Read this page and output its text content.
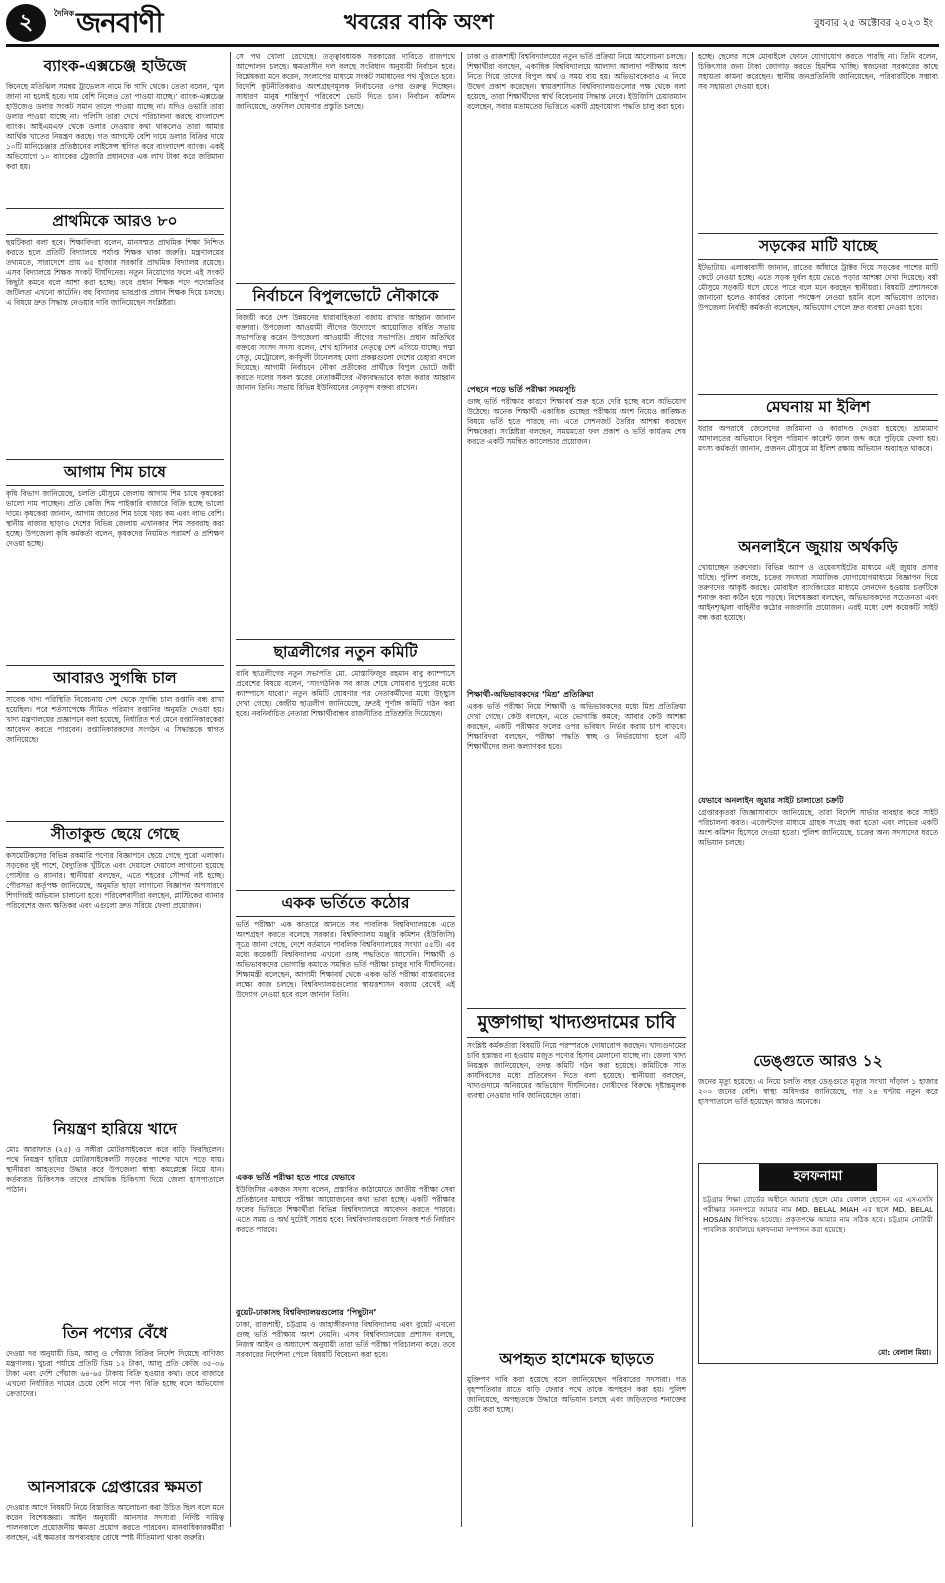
২	দৈনিক জনবাণী	খবরের বাকি অংশ	বুধবার ২৫ অক্টোবর ২০২৩ ইং
ব্যাংক-এক্সচেঞ্জ হাউজে
কিনেছে মতিঝিল সমন্বয় ট্রাভেলস নামে কি গাদি থেকে। তেতা বলেন, ‘মূল জানা না হলেই হবে। দাম বেশি নিলেও তো পাওয়া যাচ্ছে।’ ব্যাংক-এক্সচেঞ্জ হাউজেও ডলার সংকট সমান তালে পাওয়া যাচ্ছে না। যদিও ওভারি তারা ডলার পাওয়া যাচ্ছে না। পলিসি তারা দেখে পরিচালনা করছে বাংলাদেশ ব্যাংক। আইএমএফ থেকে ডলার নেওয়ার কথা থাকলেও তারা আমার আর্থিক খাতের নিয়ন্ত্রণ করছে। গত আগস্টে বেশি দামে ডলার বিক্রির দায়ে ১০টি মানিচেঞ্জার প্রতিষ্ঠানের লাইসেন্স স্থগিত করে বাংলাদেশ ব্যাংক। একই অভিযোগে ১০ ব্যাংকের ট্রেজারি প্রধানদের এক লাখ টাকা করে জরিমানা করা হয়।
প্রাথমিকে আরও ৮০
ছয়টিকরা বলা হবে। শিক্ষাবিদরা বলেন, মানসম্মত প্রাথমিক শিক্ষা নিশ্চিত করতে হলে প্রতিটি বিদ্যালয়ে পর্যাপ্ত শিক্ষক থাকা জরুরি। মন্ত্রণালয়ের তথ্যমতে, সারাদেশে প্রায় ৬৫ হাজার সরকারি প্রাথমিক বিদ্যালয় রয়েছে। এসব বিদ্যালয়ে শিক্ষক সংকট দীর্ঘদিনের। নতুন নিয়োগের ফলে এই সংকট কিছুটা কমবে বলে আশা করা হচ্ছে। তবে প্রধান শিক্ষক পদে পদোন্নতির জটিলতা এখনো কাটেনি। বহু বিদ্যালয় ভারপ্রাপ্ত প্রধান শিক্ষক দিয়ে চলছে। এ বিষয়ে দ্রুত সিদ্ধান্ত নেওয়ার দাবি জানিয়েছেন সংশ্লিষ্টরা।
আগাম শিম চাষে
কৃষি বিভাগ জানিয়েছে, চলতি মৌসুমে জেলায় আগাম শিম চাষে কৃষকেরা ভালো দাম পাচ্ছেন। প্রতি কেজি শিম পাইকারি বাজারে বিক্রি হচ্ছে ভালো দামে। কৃষকেরা জানান, আগাম জাতের শিম চাষে খরচ কম এবং লাভ বেশি। স্থানীয় বাজার ছাড়াও দেশের বিভিন্ন জেলায় এখানকার শিম সরবরাহ করা হচ্ছে। উপজেলা কৃষি কর্মকর্তা বলেন, কৃষকদের নিয়মিত পরামর্শ ও প্রশিক্ষণ দেওয়া হচ্ছে।
আবারও সুগন্ধি চাল
সাবেক খাদ্য পরিস্থিতি বিবেচনায় দেশ থেকে সুগন্ধি চাল রপ্তানি বন্ধ রাখা হয়েছিল। পরে শর্তসাপেক্ষে সীমিত পরিমাণ রপ্তানির অনুমতি দেওয়া হয়। খাদ্য মন্ত্রণালয়ের প্রজ্ঞাপনে বলা হয়েছে, নির্ধারিত শর্ত মেনে রপ্তানিকারকেরা আবেদন করতে পারবেন। রপ্তানিকারকদের সংগঠন এ সিদ্ধান্তকে স্বাগত জানিয়েছে।
সীতাকুন্ড ছেয়ে গেছে
কসমেটিকসের বিভিন্ন রকমারি পণ্যের বিজ্ঞাপনে ছেয়ে গেছে পুরো এলাকা। সড়কের দুই পাশে, বৈদ্যুতিক খুঁটিতে এবং দেয়ালে দেয়ালে লাগানো হয়েছে পোস্টার ও ব্যানার। স্থানীয়রা বলছেন, এতে শহরের সৌন্দর্য নষ্ট হচ্ছে। পৌরসভা কর্তৃপক্ষ জানিয়েছে, অনুমতি ছাড়া লাগানো বিজ্ঞাপন অপসারণে শিগগিরই অভিযান চালানো হবে। পরিবেশবাদীরা বলছেন, প্লাস্টিকের ব্যানার পরিবেশের জন্য ক্ষতিকর এবং এগুলো দ্রুত সরিয়ে ফেলা প্রয়োজন।
নিয়ন্ত্রণ হারিয়ে খাদে
মোঃ আরাফাত (২৫) ও সঙ্গীরা মোটরসাইকেলে করে বাড়ি ফিরছিলেন। পথে নিয়ন্ত্রণ হারিয়ে মোটরসাইকেলটি সড়কের পাশের খাদে পড়ে যায়। স্থানীয়রা আহতদের উদ্ধার করে উপজেলা স্বাস্থ্য কমপ্লেক্সে নিয়ে যান। কর্তব্যরত চিকিৎসক তাদের প্রাথমিক চিকিৎসা দিয়ে জেলা হাসপাতালে পাঠান।
তিন পণ্যের বেঁধে
দেওয়া দর অনুযায়ী ডিম, আলু ও পেঁয়াজ বিক্রির নির্দেশ দিয়েছে বাণিজ্য মন্ত্রণালয়। খুচরা পর্যায়ে প্রতিটি ডিম ১২ টাকা, আলু প্রতি কেজি ৩৫-৩৬ টাকা এবং দেশি পেঁয়াজ ৬৪-৬৫ টাকায় বিক্রি হওয়ার কথা। তবে বাজারে এখনো নির্ধারিত দামের চেয়ে বেশি দামে পণ্য বিক্রি হচ্ছে বলে অভিযোগ ক্রেতাদের।
আনসারকে গ্রেপ্তারের ক্ষমতা
দেওয়ার আগে বিষয়টি নিয়ে বিস্তারিত আলোচনা করা উচিত ছিল বলে মনে করেন বিশেষজ্ঞরা। আইন অনুযায়ী আনসার সদস্যরা নির্দিষ্ট দায়িত্ব পালনকালে প্রয়োজনীয় ক্ষমতা প্রয়োগ করতে পারবেন। মানবাধিকারকর্মীরা বলছেন, এই ক্ষমতার অপব্যবহার রোধে স্পষ্ট নীতিমালা থাকা জরুরি।
সে পথ খোলা রেখেছে। তত্ত্বাবধায়ক সরকারের দাবিতে রাজপথে আন্দোলন চলছে। ক্ষমতাসীন দল বলছে সংবিধান অনুযায়ী নির্বাচন হবে। বিশ্লেষকরা মনে করেন, সংলাপের মাধ্যমে সংকট সমাধানের পথ খুঁজতে হবে। বিদেশি কূটনীতিকরাও অংশগ্রহণমূলক নির্বাচনের ওপর গুরুত্ব দিচ্ছেন। সাধারণ মানুষ শান্তিপূর্ণ পরিবেশে ভোট দিতে চান। নির্বাচন কমিশন জানিয়েছে, তফসিল ঘোষণার প্রস্তুতি চলছে।
নির্বাচনে বিপুলভোটে নৌকাকে
বিজয়ী করে দেশ উন্নয়নের ধারাবাহিকতা বজায় রাখার আহ্বান জানান বক্তারা। উপজেলা আওয়ামী লীগের উদ্যোগে আয়োজিত বর্ধিত সভায় সভাপতিত্ব করেন উপজেলা আওয়ামী লীগের সভাপতি। প্রধান অতিথির বক্তব্যে সংসদ সদস্য বলেন, শেখ হাসিনার নেতৃত্বে দেশ এগিয়ে যাচ্ছে। পদ্মা সেতু, মেট্রোরেল, কর্ণফুলী টানেলসহ মেগা প্রকল্পগুলো দেশের চেহারা বদলে দিয়েছে। আগামী নির্বাচনে নৌকা প্রতীকের প্রার্থীকে বিপুল ভোটে জয়ী করতে দলের সকল স্তরের নেতাকর্মীদের ঐক্যবদ্ধভাবে কাজ করার আহ্বান জানান তিনি। সভায় বিভিন্ন ইউনিয়নের নেতৃবৃন্দ বক্তব্য রাখেন।
ছাত্রলীগের নতুন কমিটি
রাবি ছাত্রলীগের নতুন সভাপতি মো. মোস্তাফিজুর রহমান বাবু ক্যাম্পাসে প্রবেশের বিষয়ে বলেন, ‘সাংগঠনিক সব কাজ শেষে সোমবার দুপুরের মধ্যে ক্যাম্পাসে যাবো।’ নতুন কমিটি ঘোষণার পর নেতাকর্মীদের মধ্যে উচ্ছ্বাস দেখা গেছে। কেন্দ্রীয় ছাত্রলীগ জানিয়েছে, দ্রুতই পূর্ণাঙ্গ কমিটি গঠন করা হবে। নবনির্বাচিত নেতারা শিক্ষার্থীবান্ধব রাজনীতির প্রতিশ্রুতি দিয়েছেন।
একক ভর্তিতে কঠোর
ভর্তি পরীক্ষা’ এক কাতারে আনতে সব পাবলিক বিশ্ববিদ্যালয়কে এতে অংশগ্রহণ করতে বলেছে সরকার। বিশ্ববিদ্যালয় মঞ্জুরি কমিশন (ইউজিসি) সূত্রে জানা গেছে, দেশে বর্তমানে পাবলিক বিশ্ববিদ্যালয়ের সংখ্যা ৫৫টি। এর মধ্যে কয়েকটি বিশ্ববিদ্যালয় এখনো গুচ্ছ পদ্ধতিতে আসেনি। শিক্ষার্থী ও অভিভাবকদের ভোগান্তি কমাতে সমন্বিত ভর্তি পরীক্ষা চালুর দাবি দীর্ঘদিনের। শিক্ষামন্ত্রী বলেছেন, আগামী শিক্ষাবর্ষ থেকে একক ভর্তি পরীক্ষা বাস্তবায়নের লক্ষ্যে কাজ চলছে। বিশ্ববিদ্যালয়গুলোর স্বায়ত্তশাসন বজায় রেখেই এই উদ্যোগ নেওয়া হবে বলে জানান তিনি।
একক ভর্তি পরীক্ষা হতে পারে যেভাবে
ইউজিসির একজন সদস্য বলেন, প্রস্তাবিত কাঠামোতে জাতীয় পরীক্ষা সেবা প্রতিষ্ঠানের মাধ্যমে পরীক্ষা আয়োজনের কথা ভাবা হচ্ছে। একটি পরীক্ষার ফলের ভিত্তিতে শিক্ষার্থীরা বিভিন্ন বিশ্ববিদ্যালয়ে আবেদন করতে পারবে। এতে সময় ও অর্থ দুটোই সাশ্রয় হবে। বিশ্ববিদ্যালয়গুলো নিজস্ব শর্ত নির্ধারণ করতে পারবে।
বুয়েট-ঢাকাসহ বিশ্ববিদ্যালয়গুলোর ‘পিছুটান’
ঢাকা, রাজশাহী, চট্টগ্রাম ও জাহাঙ্গীরনগর বিশ্ববিদ্যালয় এবং বুয়েট এখনো গুচ্ছ ভর্তি পরীক্ষায় অংশ নেয়নি। এসব বিশ্ববিদ্যালয়ের প্রশাসন বলছে, নিজস্ব আইন ও অধ্যাদেশ অনুযায়ী তারা ভর্তি পরীক্ষা পরিচালনা করে। তবে সরকারের নির্দেশনা পেলে বিষয়টি বিবেচনা করা হবে।
ঢাকা ও রাজশাহী বিশ্ববিদ্যালয়ের নতুন ভর্তি প্রক্রিয়া নিয়ে আলোচনা চলছে। শিক্ষার্থীরা বলছেন, একাধিক বিশ্ববিদ্যালয়ে আলাদা আলাদা পরীক্ষায় অংশ নিতে গিয়ে তাদের বিপুল অর্থ ও সময় ব্যয় হয়। অভিভাবকেরাও এ নিয়ে উদ্বেগ প্রকাশ করেছেন। স্বায়ত্তশাসিত বিশ্ববিদ্যালয়গুলোর পক্ষ থেকে বলা হয়েছে, তারা শিক্ষার্থীদের স্বার্থ বিবেচনায় সিদ্ধান্ত নেবে। ইউজিসি চেয়ারম্যান বলেছেন, সবার মতামতের ভিত্তিতে একটি গ্রহণযোগ্য পদ্ধতি চালু করা হবে।
পেছনে পড়ে ভর্তি পরীক্ষা সময়সূচি
গুচ্ছ ভর্তি পরীক্ষার কারণে শিক্ষাবর্ষ শুরু হতে দেরি হচ্ছে বলে অভিযোগ উঠেছে। অনেক শিক্ষার্থী একাধিক গুচ্ছের পরীক্ষায় অংশ নিয়েও কাঙ্ক্ষিত বিষয়ে ভর্তি হতে পারছে না। এতে সেশনজট তৈরির আশঙ্কা করছেন শিক্ষকেরা। সংশ্লিষ্টরা বলছেন, সময়মতো ফল প্রকাশ ও ভর্তি কার্যক্রম শেষ করতে একটি সমন্বিত ক্যালেন্ডার প্রয়োজন।
শিক্ষার্থী-অভিভাবকদের ‘মিশ্র’ প্রতিক্রিয়া
একক ভর্তি পরীক্ষা নিয়ে শিক্ষার্থী ও অভিভাবকদের মধ্যে মিশ্র প্রতিক্রিয়া দেখা গেছে। কেউ বলছেন, এতে ভোগান্তি কমবে; আবার কেউ আশঙ্কা করছেন, একটি পরীক্ষার ফলের ওপর ভবিষ্যৎ নির্ভর করায় চাপ বাড়বে। শিক্ষাবিদরা বলছেন, পরীক্ষা পদ্ধতি স্বচ্ছ ও নির্ভরযোগ্য হলে এটি শিক্ষার্থীদের জন্য কল্যাণকর হবে।
মুক্তাগাছা খাদ্যগুদামের চাবি
সংশ্লিষ্ট কর্মকর্তারা বিষয়টি নিয়ে পরস্পরকে দোষারোপ করছেন। খাদ্যগুদামের চাবি হস্তান্তর না হওয়ায় মজুত পণ্যের হিসাব মেলানো যাচ্ছে না। জেলা খাদ্য নিয়ন্ত্রক জানিয়েছেন, তদন্ত কমিটি গঠন করা হয়েছে। কমিটিকে সাত কার্যদিবসের মধ্যে প্রতিবেদন দিতে বলা হয়েছে। স্থানীয়রা বলছেন, খাদ্যগুদামে অনিয়মের অভিযোগ দীর্ঘদিনের। দোষীদের বিরুদ্ধে দৃষ্টান্তমূলক ব্যবস্থা নেওয়ার দাবি জানিয়েছেন তারা।
অপহৃত হাশেমকে ছাড়তে
মুক্তিপণ দাবি করা হয়েছে বলে জানিয়েছেন পরিবারের সদস্যরা। গত বৃহস্পতিবার রাতে বাড়ি ফেরার পথে তাকে অপহরণ করা হয়। পুলিশ জানিয়েছে, অপহৃতকে উদ্ধারে অভিযান চলছে এবং জড়িতদের শনাক্তের চেষ্টা করা হচ্ছে।
হচ্ছে। ছেলের সঙ্গে মোবাইলে ফোনে যোগাযোগ করতে পারছি না। তিনি বলেন, চিকিৎসার জন্য টাকা জোগাড় করতে হিমশিম খাচ্ছি। স্বজনেরা সরকারের কাছে সহায়তা কামনা করেছেন। স্থানীয় জনপ্রতিনিধি জানিয়েছেন, পরিবারটিকে সম্ভাব্য সব সহায়তা দেওয়া হবে।
সড়কের মাটি যাচ্ছে
ইটভাটায়। এলাকাবাসী জানান, রাতের আঁধারে ট্রাক্টর দিয়ে সড়কের পাশের মাটি কেটে নেওয়া হচ্ছে। এতে সড়ক দুর্বল হয়ে ভেঙে পড়ার আশঙ্কা দেখা দিয়েছে। বর্ষা মৌসুমে সড়কটি ধসে যেতে পারে বলে মনে করছেন স্থানীয়রা। বিষয়টি প্রশাসনকে জানানো হলেও কার্যকর কোনো পদক্ষেপ নেওয়া হয়নি বলে অভিযোগ তাদের। উপজেলা নির্বাহী কর্মকর্তা বলেছেন, অভিযোগ পেলে দ্রুত ব্যবস্থা নেওয়া হবে।
মেঘনায় মা ইলিশ
ধরার অপরাধে জেলেদের জরিমানা ও কারাদণ্ড দেওয়া হয়েছে। ভ্রাম্যমাণ আদালতের অভিযানে বিপুল পরিমাণ কারেন্ট জাল জব্দ করে পুড়িয়ে ফেলা হয়। মৎস্য কর্মকর্তা জানান, প্রজনন মৌসুমে মা ইলিশ রক্ষায় অভিযান অব্যাহত থাকবে।
অনলাইনে জুয়ায় অর্থকড়ি
খোয়াচ্ছেন তরুণেরা। বিভিন্ন অ্যাপ ও ওয়েবসাইটের মাধ্যমে এই জুয়ার প্রসার ঘটছে। পুলিশ বলছে, চক্রের সদস্যরা সামাজিক যোগাযোগমাধ্যমে বিজ্ঞাপন দিয়ে তরুণদের আকৃষ্ট করছে। মোবাইল ব্যাংকিংয়ের মাধ্যমে লেনদেন হওয়ায় চক্রটিকে শনাক্ত করা কঠিন হয়ে পড়ছে। বিশেষজ্ঞরা বলছেন, অভিভাবকদের সচেতনতা এবং আইনশৃঙ্খলা বাহিনীর কঠোর নজরদারি প্রয়োজন। এরই মধ্যে বেশ কয়েকটি সাইট বন্ধ করা হয়েছে।
যেভাবে অনলাইন জুয়ার সাইট চালাতো চক্রটি
গ্রেপ্তারকৃতরা জিজ্ঞাসাবাদে জানিয়েছে, তারা বিদেশি সার্ভার ব্যবহার করে সাইট পরিচালনা করত। এজেন্টদের মাধ্যমে গ্রাহক সংগ্রহ করা হতো এবং লাভের একটি অংশ কমিশন হিসেবে দেওয়া হতো। পুলিশ জানিয়েছে, চক্রের অন্য সদস্যদের ধরতে অভিযান চলছে।
ডেঙ্গুতে আরও ১২
জনের মৃত্যু হয়েছে। এ নিয়ে চলতি বছর ডেঙ্গুতে মৃত্যুর সংখ্যা দাঁড়াল ১ হাজার ২০০ জনের বেশি। স্বাস্থ্য অধিদপ্তর জানিয়েছে, গত ২৪ ঘণ্টায় নতুন করে হাসপাতালে ভর্তি হয়েছেন আরও অনেকে।
হলফনামা
চট্টগ্রাম শিক্ষা বোর্ডের অধীনে আমার ছেলে মোঃ বেলাল হোসেন এর এসএসসি পরীক্ষার সনদপত্রে আমার নাম MD. BELAL MIAH এর স্থলে MD. BELAL HOSAIN লিপিবদ্ধ হয়েছে। প্রকৃতপক্ষে আমার নাম সঠিক হবে। চট্টগ্রাম নোটারী পাবলিক কার্যালয়ে হলফনামা সম্পাদন করা হয়েছে।
মো: বেলাল মিয়া।
